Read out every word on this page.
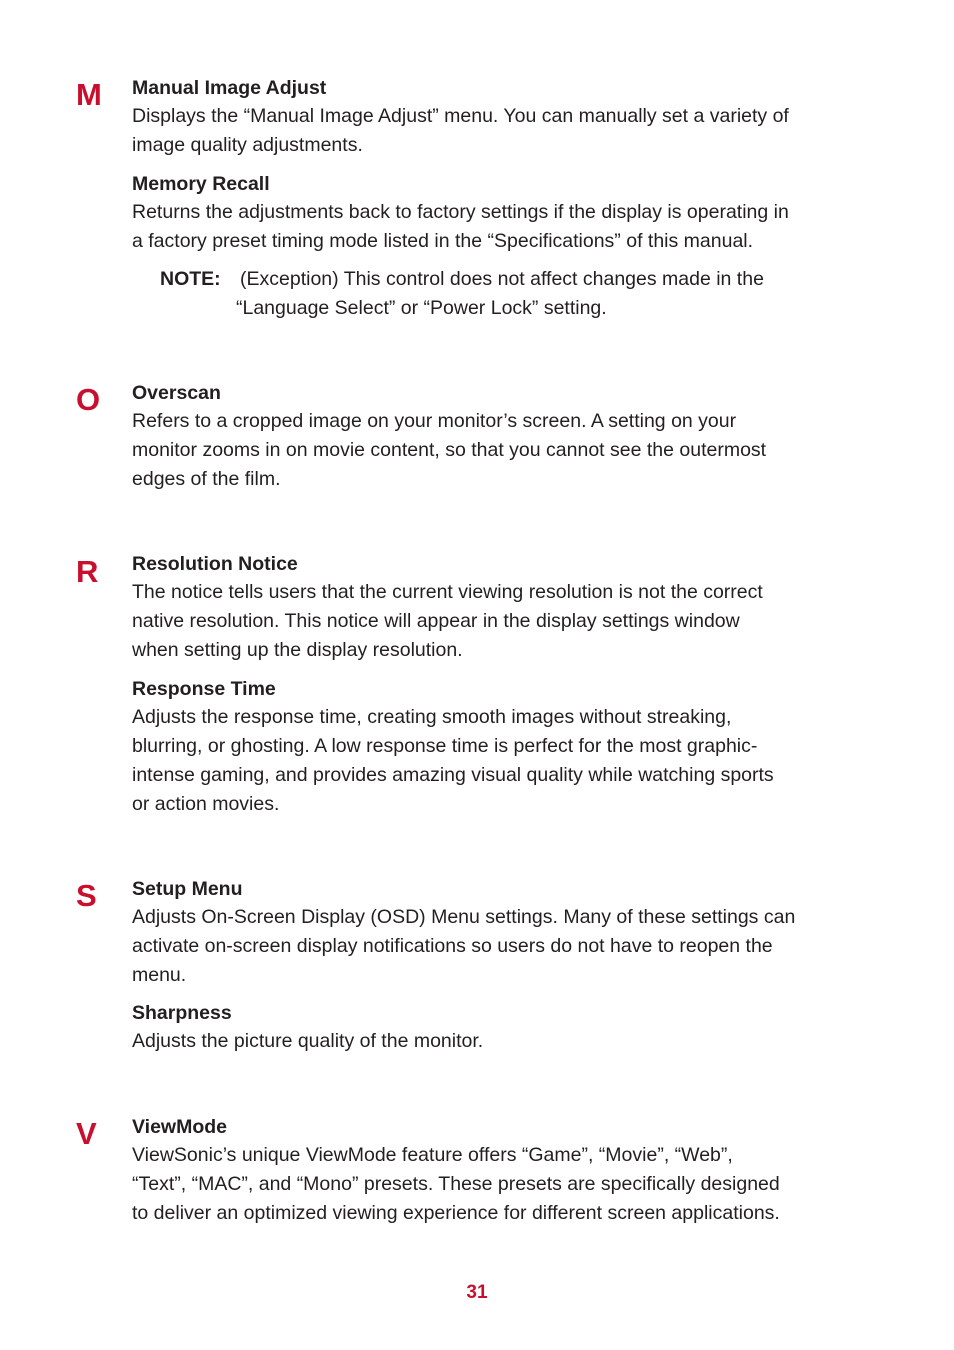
M Manual Image Adjust

Displays the “Manual Image Adjust” menu. You can manually set a variety of

image quality adjustments.

Memory Recall

Returns the adjustments back to factory settings if the display is operating in

a factory preset timing mode listed in the “Specifications” of this manual.

NOTE: (Exception) This control does not affect changes made in the
“Language Select” or “Power Lock” setting.
O Overscan

Refers to a cropped image on your monitor’s screen. A setting on your

monitor zooms in on movie content, so that you cannot see the outermost

edges of the film.

R Resolution Notice

The notice tells users that the current viewing resolution is not the correct

native resolution. This notice will appear in the display settings window

when setting up the display resolution.

Response Time

Adjusts the response time, creating smooth images without streaking,

blurring, or ghosting. A low response time is perfect for the most graphic-

intense gaming, and provides amazing visual quality while watching sports

or action movies.

S Setup Menu

Adjusts On-Screen Display (OSD) Menu settings. Many of these settings can

activate on-screen display notifications so users do not have to reopen the

menu.

Sharpness

Adjusts the picture quality of the monitor.

V ViewMode

ViewSonic’s unique ViewMode feature offers “Game”, “Movie”, “Web”,

“Text”, “MAC”, and “Mono” presets. These presets are specifically designed

to deliver an optimized viewing experience for different screen applications.

31
